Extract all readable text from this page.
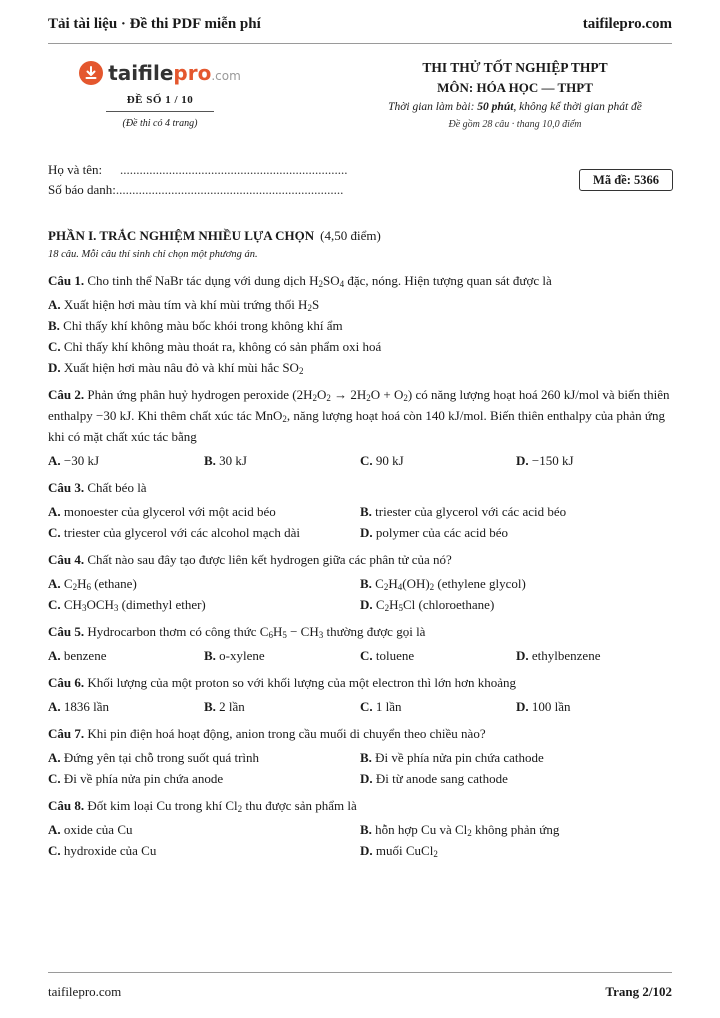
Tải tài liệu · Đề thi PDF miễn phí	taifilepro.com
taifilepro.com
ĐỀ SỐ 1 / 10
(Đề thi có 4 trang)
THI THỬ TỐT NGHIỆP THPT
MÔN: HÓA HỌC — THPT
Thời gian làm bài: 50 phút, không kể thời gian phát đề
Đề gồm 28 câu · thang 10,0 điểm
Họ và tên:	......................................................................
Số báo danh: ......................................................................
Mã đề: 5366
PHẦN I. TRẮC NGHIỆM NHIỀU LỰA CHỌN (4,50 điểm)
18 câu. Mỗi câu thí sinh chỉ chọn một phương án.
Câu 1. Cho tinh thể NaBr tác dụng với dung dịch $H_2SO_4$ đặc, nóng. Hiện tượng quan sát được là
A. Xuất hiện hơi màu tím và khí mùi trứng thối $H_2S$
B. Chỉ thấy khí không màu bốc khói trong không khí ẩm
C. Chỉ thấy khí không màu thoát ra, không có sản phẩm oxi hoá
D. Xuất hiện hơi màu nâu đỏ và khí mùi hắc $SO_2$
Câu 2. Phản ứng phân huỷ hydrogen peroxide $(2H_2O_2 \to 2H_2O + O_2)$ có năng lượng hoạt hoá 260 kJ/mol và biến thiên enthalpy −30 kJ. Khi thêm chất xúc tác MnO$_2$, năng lượng hoạt hoá còn 140 kJ/mol. Biến thiên enthalpy của phản ứng khi có mặt chất xúc tác bằng
A. −30 kJ	B. 30 kJ	C. 90 kJ	D. −150 kJ
Câu 3. Chất béo là
A. monoester của glycerol với một acid béo	B. triester của glycerol với các acid béo
C. triester của glycerol với các alcohol mạch dài	D. polymer của các acid béo
Câu 4. Chất nào sau đây tạo được liên kết hydrogen giữa các phân tử của nó?
A. $C_2H_6$ (ethane)	B. $C_2H_4(OH)_2$ (ethylene glycol)
C. $CH_3OCH_3$ (dimethyl ether)	D. $C_2H_5Cl$ (chloroethane)
Câu 5. Hydrocarbon thơm có công thức $C_6H_5 - CH_3$ thường được gọi là
A. benzene	B. o-xylene	C. toluene	D. ethylbenzene
Câu 6. Khối lượng của một proton so với khối lượng của một electron thì lớn hơn khoảng
A. 1836 lần	B. 2 lần	C. 1 lần	D. 100 lần
Câu 7. Khi pin điện hoá hoạt động, anion trong cầu muối di chuyển theo chiều nào?
A. Đứng yên tại chỗ trong suốt quá trình	B. Đi về phía nửa pin chứa cathode
C. Đi về phía nửa pin chứa anode	D. Đi từ anode sang cathode
Câu 8. Đốt kim loại Cu trong khí $Cl_2$ thu được sản phẩm là
A. oxide của Cu	B. hỗn hợp Cu và $Cl_2$ không phản ứng
C. hydroxide của Cu	D. muối CuCl$_2$
taifilepro.com	Trang 2/102
